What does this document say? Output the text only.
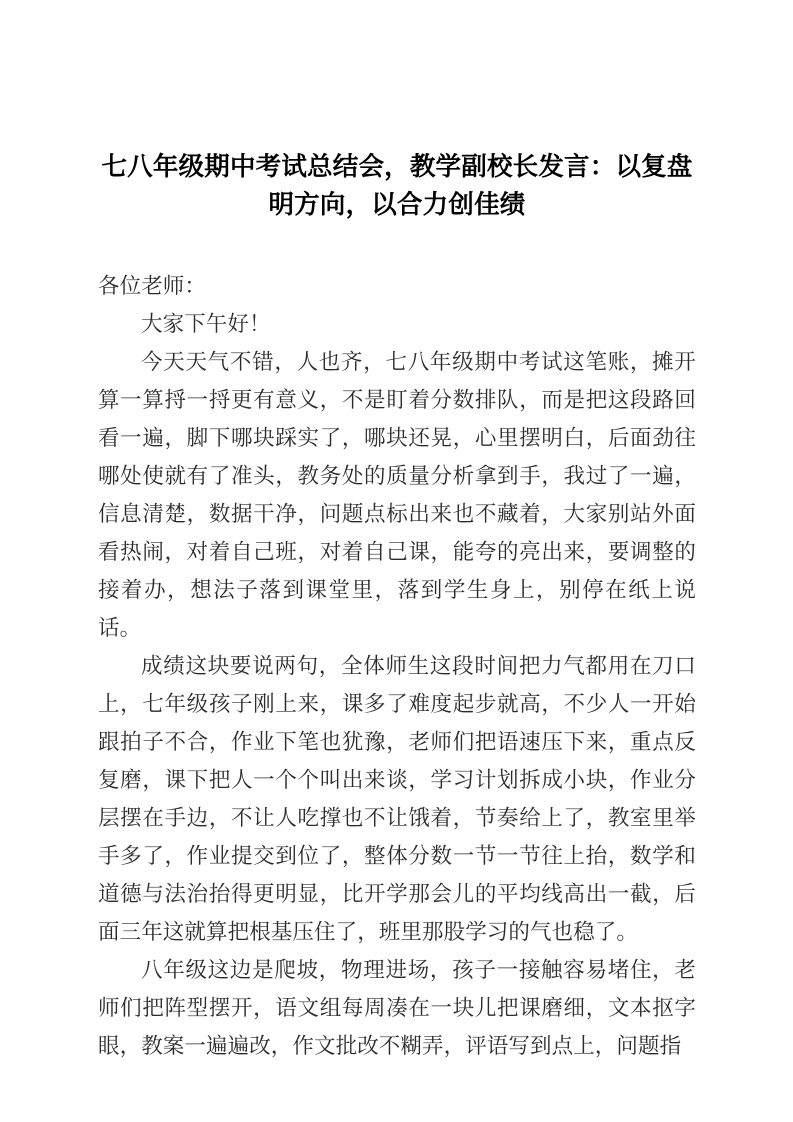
七八年级期中考试总结会，教学副校长发言：以复盘明方向，以合力创佳绩

各位老师：

大家下午好！

今天天气不错，人也齐，七八年级期中考试这笔账，摊开算一算捋一捋更有意义，不是盯着分数排队，而是把这段路回看一遍，脚下哪块踩实了，哪块还晃，心里摆明白，后面劲往哪处使就有了准头，教务处的质量分析拿到手，我过了一遍，信息清楚，数据干净，问题点标出来也不藏着，大家别站外面看热闹，对着自己班，对着自己课，能夸的亮出来，要调整的接着办，想法子落到课堂里，落到学生身上，别停在纸上说话。

成绩这块要说两句，全体师生这段时间把力气都用在刀口上，七年级孩子刚上来，课多了难度起步就高，不少人一开始跟拍子不合，作业下笔也犹豫，老师们把语速压下来，重点反复磨，课下把人一个个叫出来谈，学习计划拆成小块，作业分层摆在手边，不让人吃撑也不让饿着，节奏给上了，教室里举手多了，作业提交到位了，整体分数一节一节往上抬，数学和道德与法治抬得更明显，比开学那会儿的平均线高出一截，后面三年这就算把根基压住了，班里那股学习的气也稳了。

八年级这边是爬坡，物理进场，孩子一接触容易堵住，老师们把阵型摆开，语文组每周凑在一块儿把课磨细，文本抠字眼，教案一遍遍改，作文批改不糊弄，评语写到点上，问题指
